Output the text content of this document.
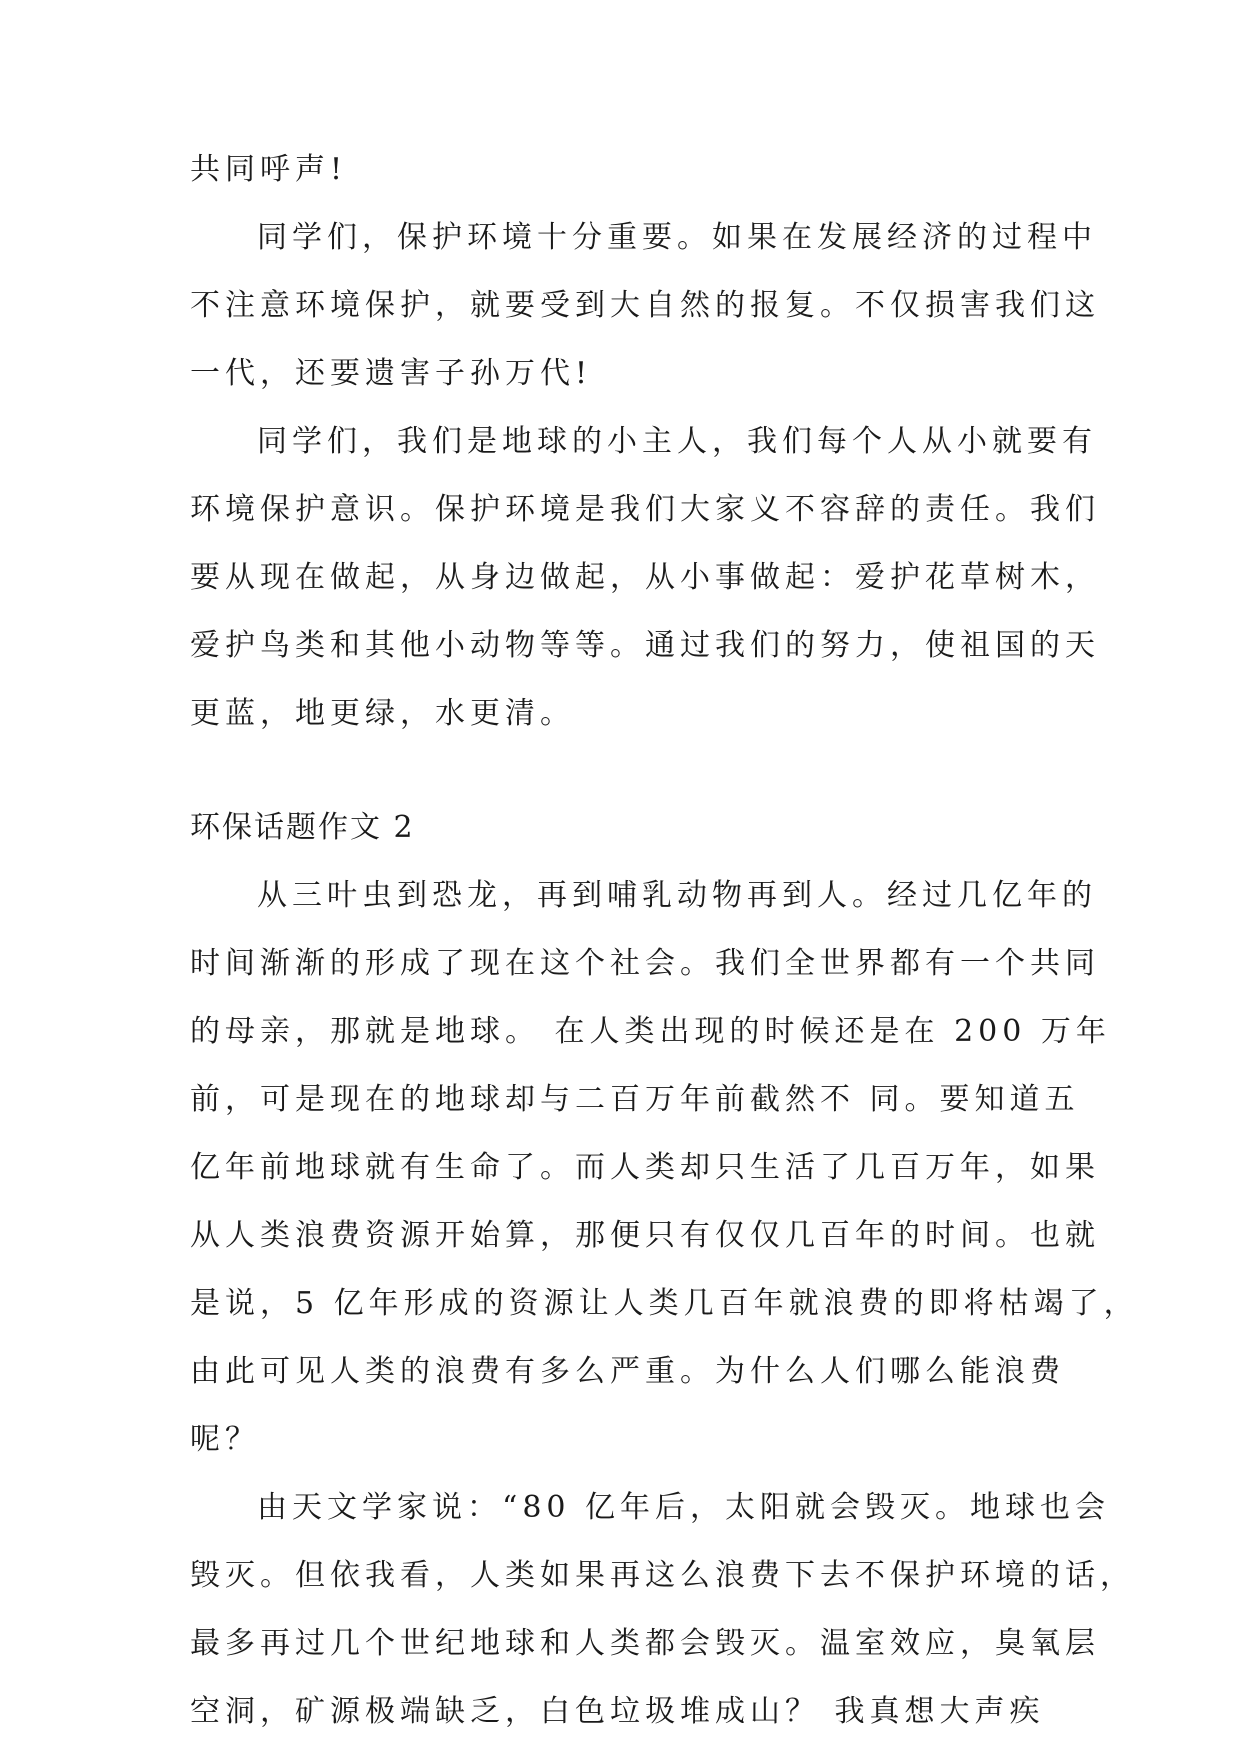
共同呼声!
同学们，保护环境十分重要。如果在发展经济的过程中
不注意环境保护，就要受到大自然的报复。不仅损害我们这
一代，还要遗害子孙万代!
同学们，我们是地球的小主人，我们每个人从小就要有
环境保护意识。保护环境是我们大家义不容辞的责任。我们
要从现在做起，从身边做起，从小事做起：爱护花草树木，
爱护鸟类和其他小动物等等。通过我们的努力，使祖国的天
更蓝，地更绿，水更清。
环保话题作文 2
从三叶虫到恐龙，再到哺乳动物再到人。经过几亿年的
时间渐渐的形成了现在这个社会。我们全世界都有一个共同
的母亲，那就是地球。 在人类出现的时候还是在 200 万年
前，可是现在的地球却与二百万年前截然不 同。要知道五
亿年前地球就有生命了。而人类却只生活了几百万年，如果
从人类浪费资源开始算，那便只有仅仅几百年的时间。也就
是说，5 亿年形成的资源让人类几百年就浪费的即将枯竭了，
由此可见人类的浪费有多么严重。为什么人们哪么能浪费
呢？
由天文学家说：“80 亿年后，太阳就会毁灭。地球也会
毁灭。但依我看，人类如果再这么浪费下去不保护环境的话，
最多再过几个世纪地球和人类都会毁灭。温室效应，臭氧层
空洞，矿源极端缺乏，白色垃圾堆成山？ 我真想大声疾
